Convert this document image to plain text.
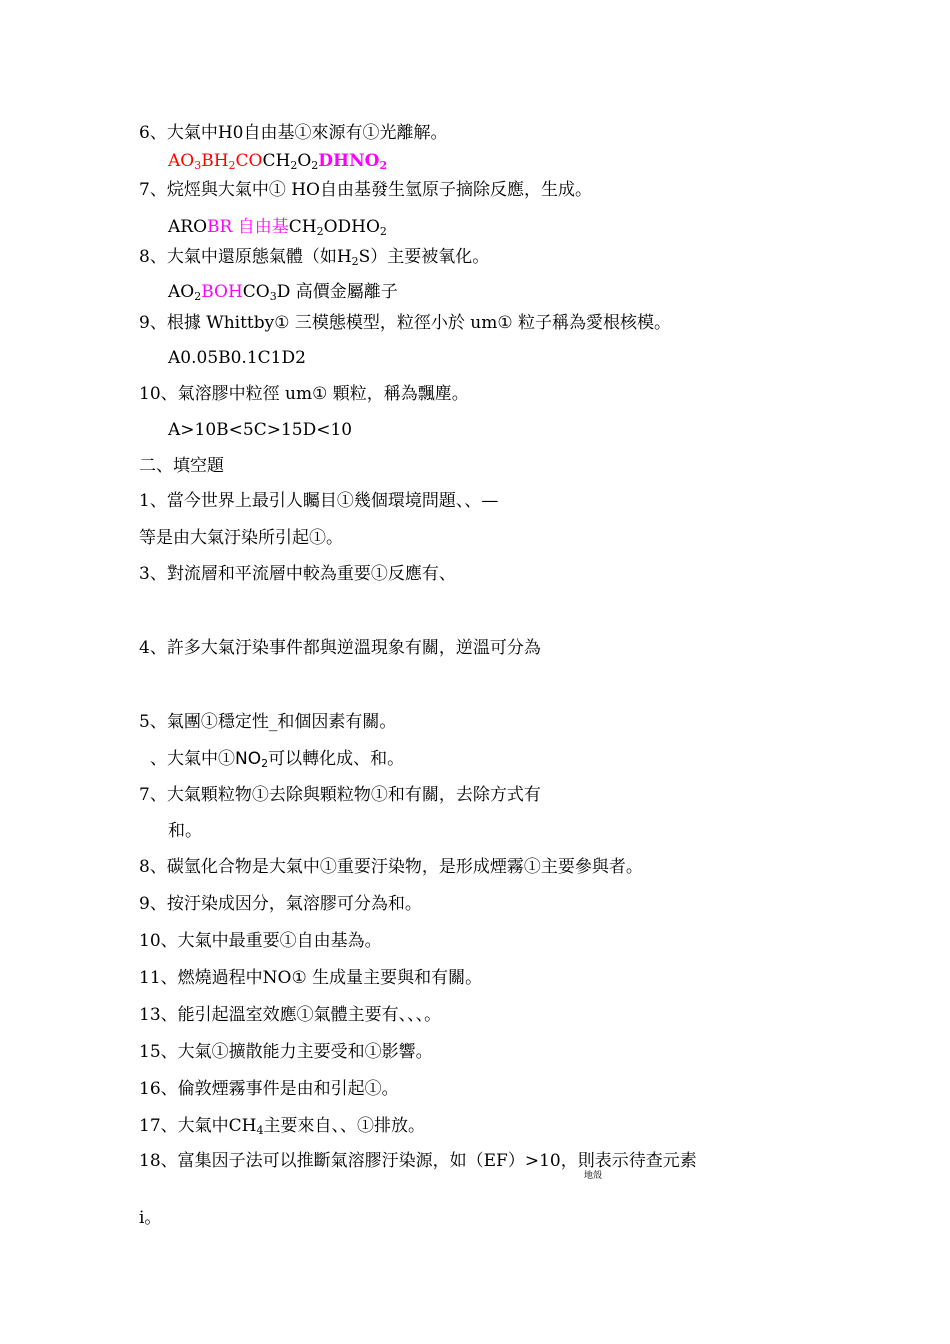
6、大氣中H0自由基①來源有①光離解。
$AO_3BH_2COCH_2O_2DHNO_2$
7、烷烴與大氣中① HO自由基發生氫原子摘除反應，生成。
AROBR 自由基$CH_2ODHO_2$
8、大氣中還原態氣體（如$H_2S$）主要被氧化。
$AO_2BOHCO_3D$ 高價金屬離子
9、根據 Whittby① 三模態模型，粒徑小於 um① 粒子稱為愛根核模。
A0.05B0.1C1D2
10、氣溶膠中粒徑 um① 顆粒，稱為飄塵。
A>10B<5C>15D<10
二、填空題
1、當今世界上最引人矚目①幾個環境問題、、—
等是由大氣汙染所引起①。
3、對流層和平流層中較為重要①反應有、
4、許多大氣汙染事件都與逆溫現象有關，逆溫可分為
5、氣團①穩定性_和個因素有關。
、大氣中$①NO_2$可以轉化成、和。
7、大氣顆粒物①去除與顆粒物①和有關，去除方式有
和。
8、碳氫化合物是大氣中①重要汙染物，是形成煙霧①主要參與者。
9、按汙染成因分，氣溶膠可分為和。
10、大氣中最重要①自由基為。
11、燃燒過程中NO① 生成量主要與和有關。
13、能引起溫室效應①氣體主要有、、、。
15、大氣①擴散能力主要受和①影響。
16、倫敦煙霧事件是由和引起①。
17、大氣中$CH_4$主要來自、、①排放。
18、富集因子法可以推斷氣溶膠汙染源，如（EF）>10，則表示待查元素
地殼
i。
